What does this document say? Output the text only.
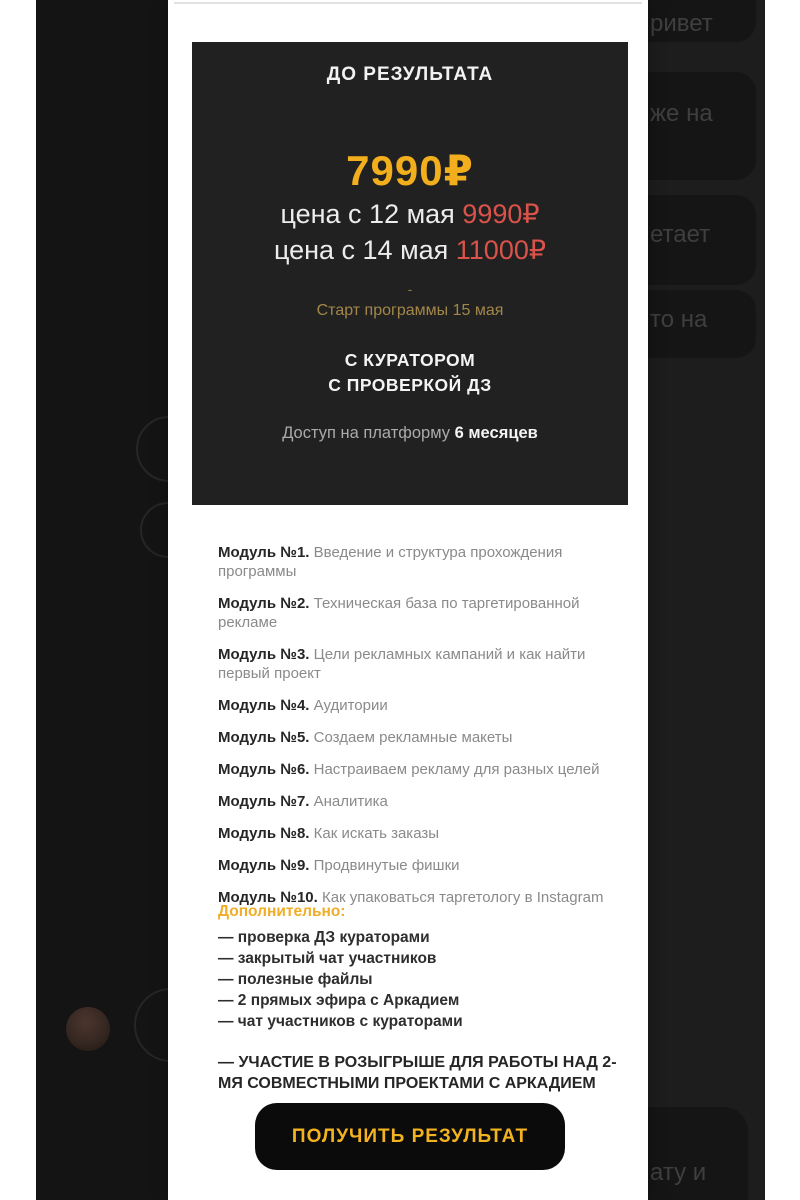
ривет
же на
етает
то на
ату и
ДО РЕЗУЛЬТАТА
7990₽
цена с 12 мая 9990₽
цена с 14 мая 11000₽
-
Старт программы 15 мая
С КУРАТОРОМ
С ПРОВЕРКОЙ ДЗ
Доступ на платформу 6 месяцев
Модуль №1. Введение и структура прохождения программы
Модуль №2. Техническая база по таргетированной рекламе
Модуль №3. Цели рекламных кампаний и как найти первый проект
Модуль №4. Аудитории
Модуль №5. Создаем рекламные макеты
Модуль №6. Настраиваем рекламу для разных целей
Модуль №7. Аналитика
Модуль №8. Как искать заказы
Модуль №9. Продвинутые фишки
Модуль №10. Как упаковаться таргетологу в Instagram
Дополнительно:
— проверка ДЗ кураторами
— закрытый чат участников
— полезные файлы
— 2 прямых эфира с Аркадием
— чат участников с кураторами
— УЧАСТИЕ В РОЗЫГРЫШЕ ДЛЯ РАБОТЫ НАД 2-МЯ СОВМЕСТНЫМИ ПРОЕКТАМИ С АРКАДИЕМ
ПОЛУЧИТЬ РЕЗУЛЬТАТ
